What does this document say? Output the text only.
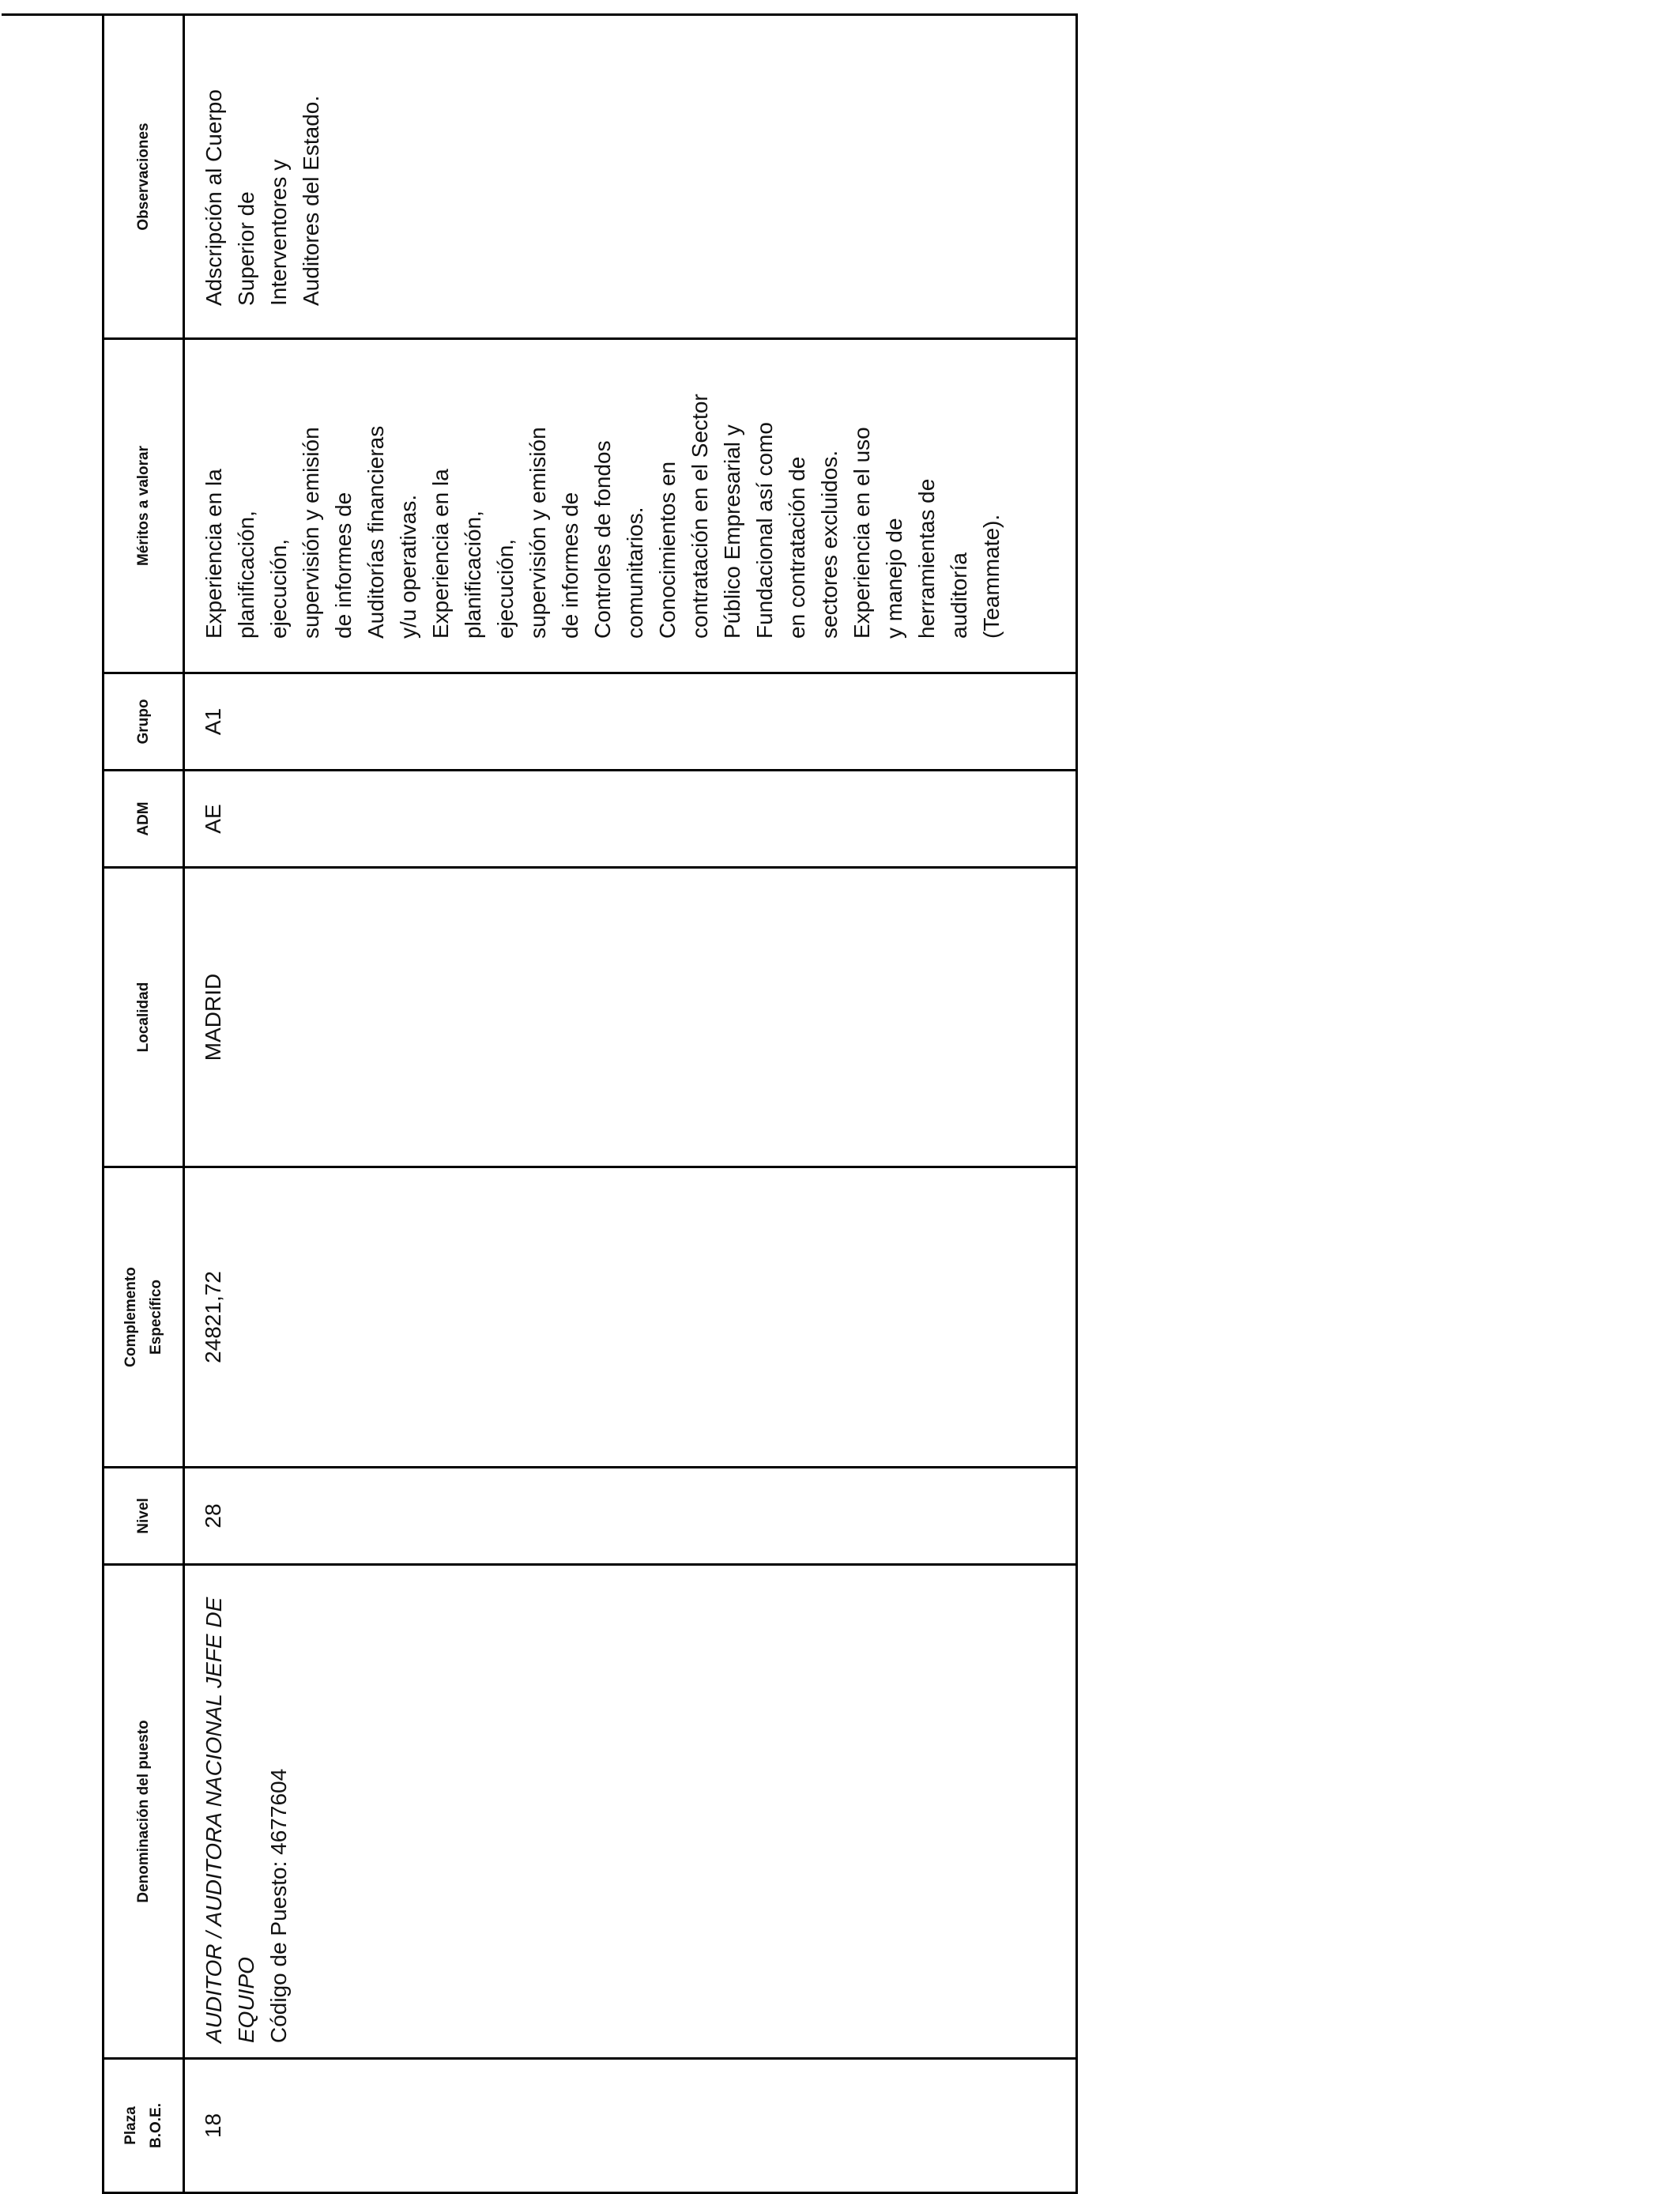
Plaza B.O.E.
Denominación del puesto
Nivel
Complemento Específico
Localidad
ADM
Grupo
Méritos a valorar
Observaciones
18
AUDITOR / AUDITORA NACIONAL JEFE DE EQUIPO Código de Puesto: 4677604
28
24821,72
MADRID
AE
A1
Experiencia en la planificación, ejecución, supervisión y emisión de informes de Auditorías financieras y/u operativas. Experiencia en la planificación, ejecución, supervisión y emisión de informes de Controles de fondos comunitarios. Conocimientos en contratación en el Sector Público Empresarial y Fundacional así como en contratación de sectores excluidos. Experiencia en el uso y manejo de herramientas de auditoría (Teammate).
Adscripción al Cuerpo Superior de Interventores y Auditores del Estado.
